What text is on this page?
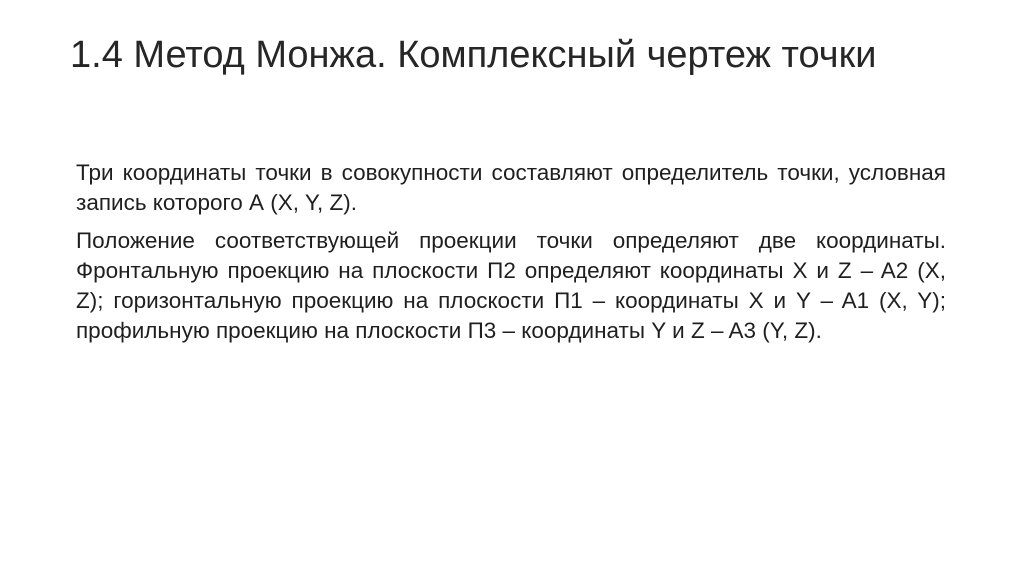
1.4 Метод Монжа. Комплексный чертеж точки

Три координаты точки в совокупности составляют определитель точки, условная запись которого А (X, Y, Z).

Положение соответствующей проекции точки определяют две координаты. Фронтальную проекцию на плоскости П2 определяют координаты X и Z – A2 (X, Z); горизонтальную проекцию на плоскости П1 – координаты X и Y – A1 (X, Y); профильную проекцию на плоскости П3 – координаты Y и Z – A3 (Y, Z).
